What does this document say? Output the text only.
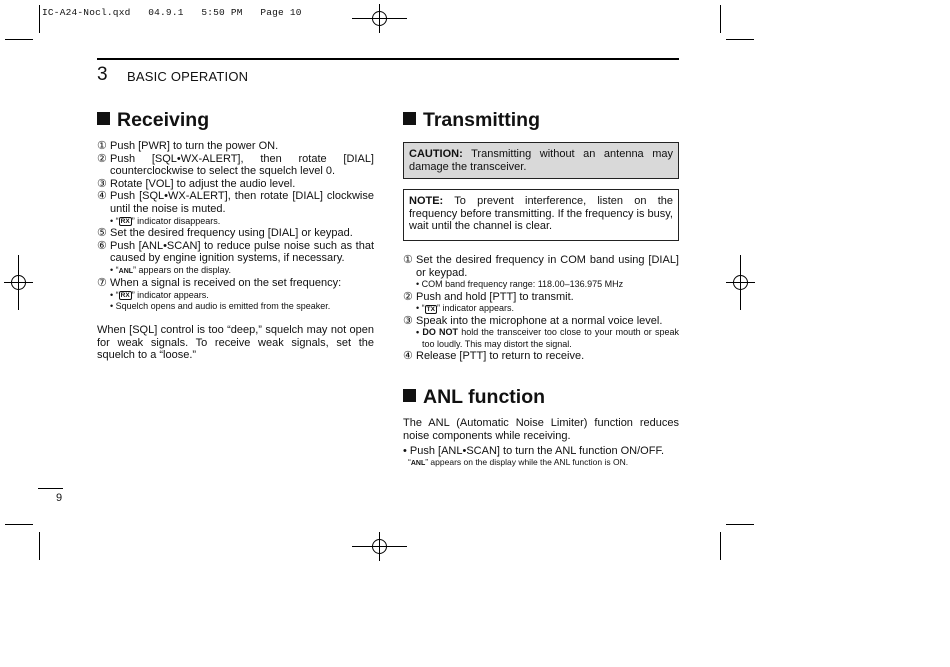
IC-A24-Nocl.qxd   04.9.1   5:50 PM   Page 10
3 BASIC OPERATION
Receiving
① Push [PWR] to turn the power ON.
② Push [SQL•WX-ALERT], then rotate [DIAL] counterclockwise to select the squelch level 0.
③ Rotate [VOL] to adjust the audio level.
④ Push [SQL•WX-ALERT], then rotate [DIAL] clockwise until the noise is muted.
• “ RX ” indicator disappears.
⑤ Set the desired frequency using [DIAL] or keypad.
⑥ Push [ANL•SCAN] to reduce pulse noise such as that caused by engine ignition systems, if necessary.
• “ANL” appears on the display.
⑦ When a signal is received on the set frequency:
• “ RX ” indicator appears.
• Squelch opens and audio is emitted from the speaker.
When [SQL] control is too “deep,” squelch may not open for weak signals. To receive weak signals, set the squelch to a “loose.”
Transmitting
CAUTION: Transmitting without an antenna may damage the transceiver.
NOTE: To prevent interference, listen on the frequency before transmitting. If the frequency is busy, wait until the channel is clear.
① Set the desired frequency in COM band using [DIAL] or keypad.
• COM band frequency range: 118.00–136.975 MHz
② Push and hold [PTT] to transmit.
• “ TX ” indicator appears.
③ Speak into the microphone at a normal voice level.
• DO NOT hold the transceiver too close to your mouth or speak too loudly. This may distort the signal.
④ Release [PTT] to return to receive.
ANL function
The ANL (Automatic Noise Limiter) function reduces noise components while receiving.
• Push [ANL•SCAN] to turn the ANL function ON/OFF.
“ANL” appears on the display while the ANL function is ON.
9
